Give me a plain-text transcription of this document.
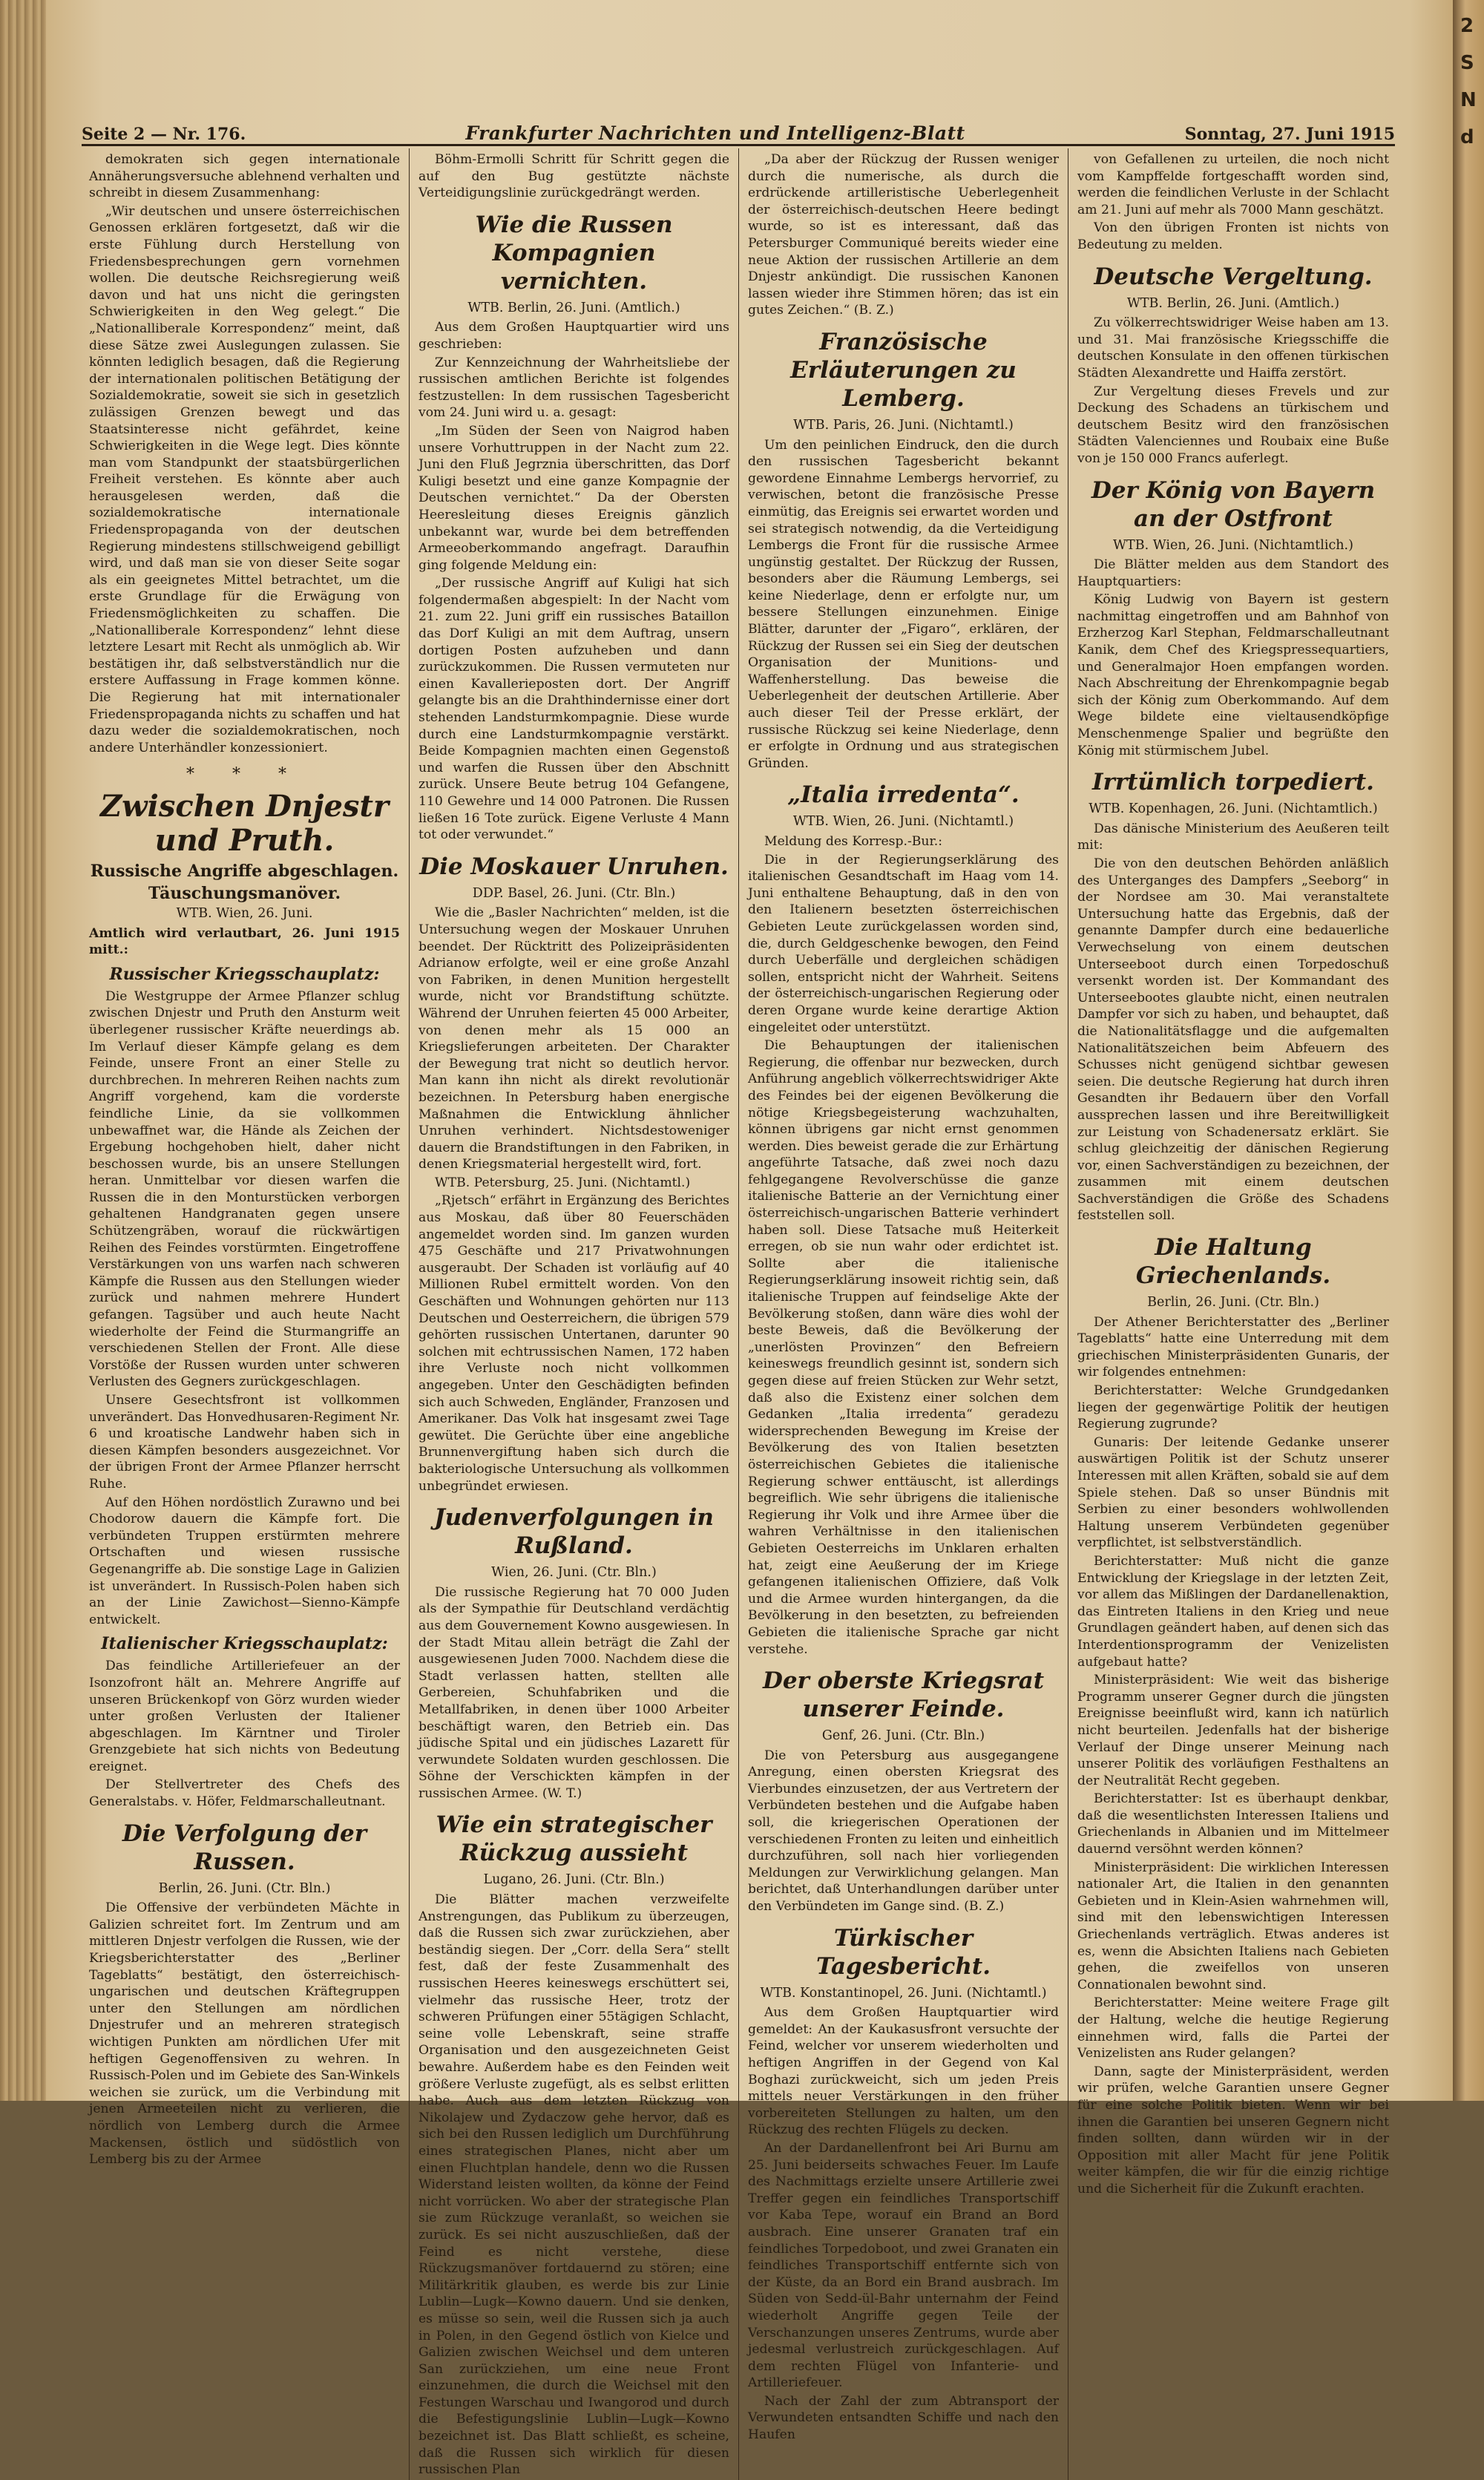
2
S
N
d
Seite 2 — Nr. 176.	Frankfurter Nachrichten und Intelligenz-Blatt	Sonntag, 27. Juni 1915

demokraten sich gegen internationale Annäherungsversuche ablehnend verhalten und schreibt in diesem Zusammenhang:

„Wir deutschen und unsere österreichischen Genossen erklären fortgesetzt, daß wir die erste Fühlung durch Herstellung von Friedensbesprechungen gern vornehmen wollen. Die deutsche Reichsregierung weiß davon und hat uns nicht die geringsten Schwierigkeiten in den Weg gelegt.“ Die „Nationalliberale Korrespondenz“ meint, daß diese Sätze zwei Auslegungen zulassen. Sie könnten lediglich besagen, daß die Regierung der internationalen politischen Betätigung der Sozialdemokratie, soweit sie sich in gesetzlich zulässigen Grenzen bewegt und das Staatsinteresse nicht gefährdet, keine Schwierigkeiten in die Wege legt. Dies könnte man vom Standpunkt der staatsbürgerlichen Freiheit verstehen. Es könnte aber auch herausgelesen werden, daß die sozialdemokratische internationale Friedenspropaganda von der deutschen Regierung mindestens stillschweigend gebilligt wird, und daß man sie von dieser Seite sogar als ein geeignetes Mittel betrachtet, um die erste Grundlage für die Erwägung von Friedensmöglichkeiten zu schaffen. Die „Nationalliberale Korrespondenz“ lehnt diese letztere Lesart mit Recht als unmöglich ab. Wir bestätigen ihr, daß selbstverständlich nur die erstere Auffassung in Frage kommen könne. Die Regierung hat mit internationaler Friedenspropaganda nichts zu schaffen und hat dazu weder die sozialdemokratischen, noch andere Unterhändler konzessioniert.

* * *
Zwischen Dnjestr und Pruth.
Russische Angriffe abgeschlagen.
Täuschungsmanöver.
WTB. Wien, 26. Juni.

Amtlich wird verlautbart, 26. Juni 1915 mitt.:

Russischer Kriegsschauplatz:

Die Westgruppe der Armee Pflanzer schlug zwischen Dnjestr und Pruth den Ansturm weit überlegener russischer Kräfte neuerdings ab. Im Verlauf dieser Kämpfe gelang es dem Feinde, unsere Front an einer Stelle zu durchbrechen. In mehreren Reihen nachts zum Angriff vorgehend, kam die vorderste feindliche Linie, da sie vollkommen unbewaffnet war, die Hände als Zeichen der Ergebung hochgehoben hielt, daher nicht beschossen wurde, bis an unsere Stellungen heran. Unmittelbar vor diesen warfen die Russen die in den Monturstücken verborgen gehaltenen Handgranaten gegen unsere Schützengräben, worauf die rückwärtigen Reihen des Feindes vorstürmten. Eingetroffene Verstärkungen von uns warfen nach schweren Kämpfe die Russen aus den Stellungen wieder zurück und nahmen mehrere Hundert gefangen. Tagsüber und auch heute Nacht wiederholte der Feind die Sturmangriffe an verschiedenen Stellen der Front. Alle diese Vorstöße der Russen wurden unter schweren Verlusten des Gegners zurückgeschlagen.

Unsere Gesechtsfront ist vollkommen unverändert. Das Honvedhusaren-Regiment Nr. 6 und kroatische Landwehr haben sich in diesen Kämpfen besonders ausgezeichnet. Vor der übrigen Front der Armee Pflanzer herrscht Ruhe.

Auf den Höhen nordöstlich Zurawno und bei Chodorow dauern die Kämpfe fort. Die verbündeten Truppen erstürmten mehrere Ortschaften und wiesen russische Gegenangriffe ab. Die sonstige Lage in Galizien ist unverändert. In Russisch-Polen haben sich an der Linie Zawichost—Sienno-Kämpfe entwickelt.

Italienischer Kriegsschauplatz:

Das feindliche Artilleriefeuer an der Isonzofront hält an. Mehrere Angriffe auf unseren Brückenkopf von Görz wurden wieder unter großen Verlusten der Italiener abgeschlagen. Im Kärntner und Tiroler Grenzgebiete hat sich nichts von Bedeutung ereignet.

Der Stellvertreter des Chefs des Generalstabs. v. Höfer, Feldmarschalleutnant.

Die Verfolgung der Russen.
Berlin, 26. Juni. (Ctr. Bln.)

Die Offensive der verbündeten Mächte in Galizien schreitet fort. Im Zentrum und am mittleren Dnjestr verfolgen die Russen, wie der Kriegsberichterstatter des „Berliner Tageblatts“ bestätigt, den österreichisch-ungarischen und deutschen Kräftegruppen unter den Stellungen am nördlichen Dnjestrufer und an mehreren strategisch wichtigen Punkten am nördlichen Ufer mit heftigen Gegenoffensiven zu wehren. In Russisch-Polen und im Gebiete des San-Winkels weichen sie zurück, um die Verbindung mit jenen Armeeteilen nicht zu verlieren, die nördlich von Lemberg durch die Armee Mackensen, östlich und südöstlich von Lemberg bis zu der Armee

Böhm-Ermolli Schritt für Schritt gegen die auf den Bug gestützte nächste Verteidigungslinie zurückgedrängt werden.

Wie die Russen Kompagnien vernichten.
WTB. Berlin, 26. Juni. (Amtlich.)

Aus dem Großen Hauptquartier wird uns geschrieben:

Zur Kennzeichnung der Wahrheitsliebe der russischen amtlichen Berichte ist folgendes festzustellen: In dem russischen Tagesbericht vom 24. Juni wird u. a. gesagt:

„Im Süden der Seen von Naigrod haben unsere Vorhuttruppen in der Nacht zum 22. Juni den Fluß Jegrznia überschritten, das Dorf Kuligi besetzt und eine ganze Kompagnie der Deutschen vernichtet.“ Da der Obersten Heeresleitung dieses Ereignis gänzlich unbekannt war, wurde bei dem betreffenden Armeeoberkommando angefragt. Daraufhin ging folgende Meldung ein:

„Der russische Angriff auf Kuligi hat sich folgendermaßen abgespielt: In der Nacht vom 21. zum 22. Juni griff ein russisches Bataillon das Dorf Kuligi an mit dem Auftrag, unsern dortigen Posten aufzuheben und dann zurückzukommen. Die Russen vermuteten nur einen Kavallerieposten dort. Der Angriff gelangte bis an die Drahthindernisse einer dort stehenden Landsturmkompagnie. Diese wurde durch eine Landsturmkompagnie verstärkt. Beide Kompagnien machten einen Gegenstoß und warfen die Russen über den Abschnitt zurück. Unsere Beute betrug 104 Gefangene, 110 Gewehre und 14 000 Patronen. Die Russen ließen 16 Tote zurück. Eigene Verluste 4 Mann tot oder verwundet.“

Die Moskauer Unruhen.
DDP. Basel, 26. Juni. (Ctr. Bln.)

Wie die „Basler Nachrichten“ melden, ist die Untersuchung wegen der Moskauer Unruhen beendet. Der Rücktritt des Polizeipräsidenten Adrianow erfolgte, weil er eine große Anzahl von Fabriken, in denen Munition hergestellt wurde, nicht vor Brandstiftung schützte. Während der Unruhen feierten 45 000 Arbeiter, von denen mehr als 15 000 an Kriegslieferungen arbeiteten. Der Charakter der Bewegung trat nicht so deutlich hervor. Man kann ihn nicht als direkt revolutionär bezeichnen. In Petersburg haben energische Maßnahmen die Entwicklung ähnlicher Unruhen verhindert. Nichtsdestoweniger dauern die Brandstiftungen in den Fabriken, in denen Kriegsmaterial hergestellt wird, fort.

WTB. Petersburg, 25. Juni. (Nichtamtl.)

„Rjetsch“ erfährt in Ergänzung des Berichtes aus Moskau, daß über 80 Feuerschäden angemeldet worden sind. Im ganzen wurden 475 Geschäfte und 217 Privatwohnungen ausgeraubt. Der Schaden ist vorläufig auf 40 Millionen Rubel ermittelt worden. Von den Geschäften und Wohnungen gehörten nur 113 Deutschen und Oesterreichern, die übrigen 579 gehörten russischen Untertanen, darunter 90 solchen mit echtrussischen Namen, 172 haben ihre Verluste noch nicht vollkommen angegeben. Unter den Geschädigten befinden sich auch Schweden, Engländer, Franzosen und Amerikaner. Das Volk hat insgesamt zwei Tage gewütet. Die Gerüchte über eine angebliche Brunnenvergiftung haben sich durch die bakteriologische Untersuchung als vollkommen unbegründet erwiesen.

Judenverfolgungen in Rußland.
Wien, 26. Juni. (Ctr. Bln.)

Die russische Regierung hat 70 000 Juden als der Sympathie für Deutschland verdächtig aus dem Gouvernement Kowno ausgewiesen. In der Stadt Mitau allein beträgt die Zahl der ausgewiesenen Juden 7000. Nachdem diese die Stadt verlassen hatten, stellten alle Gerbereien, Schuhfabriken und die Metallfabriken, in denen über 1000 Arbeiter beschäftigt waren, den Betrieb ein. Das jüdische Spital und ein jüdisches Lazarett für verwundete Soldaten wurden geschlossen. Die Söhne der Verschickten kämpfen in der russischen Armee. (W. T.)

Wie ein strategischer Rückzug aussieht
Lugano, 26. Juni. (Ctr. Bln.)

Die Blätter machen verzweifelte Anstrengungen, das Publikum zu überzeugen, daß die Russen sich zwar zurückziehen, aber beständig siegen. Der „Corr. della Sera“ stellt fest, daß der feste Zusammenhalt des russischen Heeres keineswegs erschüttert sei, vielmehr das russische Heer, trotz der schweren Prüfungen einer 55tägigen Schlacht, seine volle Lebenskraft, seine straffe Organisation und den ausgezeichneten Geist bewahre. Außerdem habe es den Feinden weit größere Verluste zugefügt, als es selbst erlitten habe. Auch aus dem letzten Rückzug von Nikolajew und Zydaczow gehe hervor, daß es sich bei den Russen lediglich um Durchführung eines strategischen Planes, nicht aber um einen Fluchtplan handele, denn wo die Russen Widerstand leisten wollten, da könne der Feind nicht vorrücken. Wo aber der strategische Plan sie zum Rückzuge veranlaßt, so weichen sie zurück. Es sei nicht auszuschließen, daß der Feind es nicht verstehe, diese Rückzugsmanöver fortdauernd zu stören; eine Militärkritik glauben, es werde bis zur Linie Lublin—Lugk—Kowno dauern. Und sie denken, es müsse so sein, weil die Russen sich ja auch in Polen, in den Gegend östlich von Kielce und Galizien zwischen Weichsel und dem unteren San zurückziehen, um eine neue Front einzunehmen, die durch die Weichsel mit den Festungen Warschau und Iwangorod und durch die Befestigungslinie Lublin—Lugk—Kowno bezeichnet ist. Das Blatt schließt, es scheine, daß die Russen sich wirklich für diesen russischen Plan

„Da aber der Rückzug der Russen weniger durch die numerische, als durch die erdrückende artilleristische Ueberlegenheit der österreichisch-deutschen Heere bedingt wurde, so ist es interessant, daß das Petersburger Communiqué bereits wieder eine neue Aktion der russischen Artillerie an dem Dnjestr ankündigt. Die russischen Kanonen lassen wieder ihre Stimmen hören; das ist ein gutes Zeichen.“ (B. Z.)

Französische Erläuterungen zu Lemberg.
WTB. Paris, 26. Juni. (Nichtamtl.)

Um den peinlichen Eindruck, den die durch den russischen Tagesbericht bekannt gewordene Einnahme Lembergs hervorrief, zu verwischen, betont die französische Presse einmütig, das Ereignis sei erwartet worden und sei strategisch notwendig, da die Verteidigung Lembergs die Front für die russische Armee ungünstig gestaltet. Der Rückzug der Russen, besonders aber die Räumung Lembergs, sei keine Niederlage, denn er erfolgte nur, um bessere Stellungen einzunehmen. Einige Blätter, darunter der „Figaro“, erklären, der Rückzug der Russen sei ein Sieg der deutschen Organisation der Munitions- und Waffenherstellung. Das beweise die Ueberlegenheit der deutschen Artillerie. Aber auch dieser Teil der Presse erklärt, der russische Rückzug sei keine Niederlage, denn er erfolgte in Ordnung und aus strategischen Gründen.

„Italia irredenta“.
WTB. Wien, 26. Juni. (Nichtamtl.)

Meldung des Korresp.-Bur.:

Die in der Regierungserklärung des italienischen Gesandtschaft im Haag vom 14. Juni enthaltene Behauptung, daß in den von den Italienern besetzten österreichischen Gebieten Leute zurückgelassen worden sind, die, durch Geldgeschenke bewogen, den Feind durch Ueberfälle und dergleichen schädigen sollen, entspricht nicht der Wahrheit. Seitens der österreichisch-ungarischen Regierung oder deren Organe wurde keine derartige Aktion eingeleitet oder unterstützt.

Die Behauptungen der italienischen Regierung, die offenbar nur bezwecken, durch Anführung angeblich völkerrechtswidriger Akte des Feindes bei der eigenen Bevölkerung die nötige Kriegsbegeisterung wachzuhalten, können übrigens gar nicht ernst genommen werden. Dies beweist gerade die zur Erhärtung angeführte Tatsache, daß zwei noch dazu fehlgegangene Revolverschüsse die ganze italienische Batterie an der Vernichtung einer österreichisch-ungarischen Batterie verhindert haben soll. Diese Tatsache muß Heiterkeit erregen, ob sie nun wahr oder erdichtet ist. Sollte aber die italienische Regierungserklärung insoweit richtig sein, daß italienische Truppen auf feindselige Akte der Bevölkerung stoßen, dann wäre dies wohl der beste Beweis, daß die Bevölkerung der „unerlösten Provinzen“ den Befreiern keineswegs freundlich gesinnt ist, sondern sich gegen diese auf freien Stücken zur Wehr setzt, daß also die Existenz einer solchen dem Gedanken „Italia irredenta“ geradezu widersprechenden Bewegung im Kreise der Bevölkerung des von Italien besetzten österreichischen Gebietes die italienische Regierung schwer enttäuscht, ist allerdings begreiflich. Wie sehr übrigens die italienische Regierung ihr Volk und ihre Armee über die wahren Verhältnisse in den italienischen Gebieten Oesterreichs im Unklaren erhalten hat, zeigt eine Aeußerung der im Kriege gefangenen italienischen Offiziere, daß Volk und die Armee wurden hintergangen, da die Bevölkerung in den besetzten, zu befreienden Gebieten die italienische Sprache gar nicht verstehe.

Der oberste Kriegsrat unserer Feinde.
Genf, 26. Juni. (Ctr. Bln.)

Die von Petersburg aus ausgegangene Anregung, einen obersten Kriegsrat des Vierbundes einzusetzen, der aus Vertretern der Verbündeten bestehen und die Aufgabe haben soll, die kriegerischen Operationen der verschiedenen Fronten zu leiten und einheitlich durchzuführen, soll nach hier vorliegenden Meldungen zur Verwirklichung gelangen. Man berichtet, daß Unterhandlungen darüber unter den Verbündeten im Gange sind. (B. Z.)

Türkischer Tagesbericht.
WTB. Konstantinopel, 26. Juni. (Nichtamtl.)

Aus dem Großen Hauptquartier wird gemeldet: An der Kaukasusfront versuchte der Feind, welcher vor unserem wiederholten und heftigen Angriffen in der Gegend von Kal Boghazi zurückweicht, sich um jeden Preis mittels neuer Verstärkungen in den früher vorbereiteten Stellungen zu halten, um den Rückzug des rechten Flügels zu decken.

An der Dardanellenfront bei Ari Burnu am 25. Juni beiderseits schwaches Feuer. Im Laufe des Nachmittags erzielte unsere Artillerie zwei Treffer gegen ein feindliches Transportschiff vor Kaba Tepe, worauf ein Brand an Bord ausbrach. Eine unserer Granaten traf ein feindliches Torpedoboot, und zwei Granaten ein feindliches Transportschiff entfernte sich von der Küste, da an Bord ein Brand ausbrach. Im Süden von Sedd-ül-Bahr unternahm der Feind wiederholt Angriffe gegen Teile der Verschanzungen unseres Zentrums, wurde aber jedesmal verlustreich zurückgeschlagen. Auf dem rechten Flügel von Infanterie- und Artilleriefeuer.

Nach der Zahl der zum Abtransport der Verwundeten entsandten Schiffe und nach den Haufen

von Gefallenen zu urteilen, die noch nicht vom Kampffelde fortgeschafft worden sind, werden die feindlichen Verluste in der Schlacht am 21. Juni auf mehr als 7000 Mann geschätzt.

Von den übrigen Fronten ist nichts von Bedeutung zu melden.

Deutsche Vergeltung.
WTB. Berlin, 26. Juni. (Amtlich.)

Zu völkerrechtswidriger Weise haben am 13. und 31. Mai französische Kriegsschiffe die deutschen Konsulate in den offenen türkischen Städten Alexandrette und Haiffa zerstört.

Zur Vergeltung dieses Frevels und zur Deckung des Schadens an türkischem und deutschem Besitz wird den französischen Städten Valenciennes und Roubaix eine Buße von je 150 000 Francs auferlegt.

Der König von Bayern an der Ostfront
WTB. Wien, 26. Juni. (Nichtamtlich.)

Die Blätter melden aus dem Standort des Hauptquartiers:

König Ludwig von Bayern ist gestern nachmittag eingetroffen und am Bahnhof von Erzherzog Karl Stephan, Feldmarschalleutnant Kanik, dem Chef des Kriegspressequartiers, und Generalmajor Hoen empfangen worden. Nach Abschreitung der Ehrenkompagnie begab sich der König zum Oberkommando. Auf dem Wege bildete eine vieltausendköpfige Menschenmenge Spalier und begrüßte den König mit stürmischem Jubel.

Irrtümlich torpediert.
WTB. Kopenhagen, 26. Juni. (Nichtamtlich.)

Das dänische Ministerium des Aeußeren teilt mit:

Die von den deutschen Behörden anläßlich des Unterganges des Dampfers „Seeborg“ in der Nordsee am 30. Mai veranstaltete Untersuchung hatte das Ergebnis, daß der genannte Dampfer durch eine bedauerliche Verwechselung von einem deutschen Unterseeboot durch einen Torpedoschuß versenkt worden ist. Der Kommandant des Unterseebootes glaubte nicht, einen neutralen Dampfer vor sich zu haben, und behauptet, daß die Nationalitätsflagge und die aufgemalten Nationalitätszeichen beim Abfeuern des Schusses nicht genügend sichtbar gewesen seien. Die deutsche Regierung hat durch ihren Gesandten ihr Bedauern über den Vorfall aussprechen lassen und ihre Bereitwilligkeit zur Leistung von Schadenersatz erklärt. Sie schlug gleichzeitig der dänischen Regierung vor, einen Sachverständigen zu bezeichnen, der zusammen mit einem deutschen Sachverständigen die Größe des Schadens feststellen soll.

Die Haltung Griechenlands.
Berlin, 26. Juni. (Ctr. Bln.)

Der Athener Berichterstatter des „Berliner Tageblatts“ hatte eine Unterredung mit dem griechischen Ministerpräsidenten Gunaris, der wir folgendes entnehmen:

Berichterstatter: Welche Grundgedanken liegen der gegenwärtige Politik der heutigen Regierung zugrunde?

Gunaris: Der leitende Gedanke unserer auswärtigen Politik ist der Schutz unserer Interessen mit allen Kräften, sobald sie auf dem Spiele stehen. Daß so unser Bündnis mit Serbien zu einer besonders wohlwollenden Haltung unserem Verbündeten gegenüber verpflichtet, ist selbstverständlich.

Berichterstatter: Muß nicht die ganze Entwicklung der Kriegslage in der letzten Zeit, vor allem das Mißlingen der Dardanellenaktion, das Eintreten Italiens in den Krieg und neue Grundlagen geändert haben, auf denen sich das Interdentionsprogramm der Venizelisten aufgebaut hatte?

Ministerpräsident: Wie weit das bisherige Programm unserer Gegner durch die jüngsten Ereignisse beeinflußt wird, kann ich natürlich nicht beurteilen. Jedenfalls hat der bisherige Verlauf der Dinge unserer Meinung nach unserer Politik des vorläufigen Festhaltens an der Neutralität Recht gegeben.

Berichterstatter: Ist es überhaupt denkbar, daß die wesentlichsten Interessen Italiens und Griechenlands in Albanien und im Mittelmeer dauernd versöhnt werden können?

Ministerpräsident: Die wirklichen Interessen nationaler Art, die Italien in den genannten Gebieten und in Klein-Asien wahrnehmen will, sind mit den lebenswichtigen Interessen Griechenlands verträglich. Etwas anderes ist es, wenn die Absichten Italiens nach Gebieten gehen, die zweifellos von unseren Connationalen bewohnt sind.

Berichterstatter: Meine weitere Frage gilt der Haltung, welche die heutige Regierung einnehmen wird, falls die Partei der Venizelisten ans Ruder gelangen?

Dann, sagte der Ministerpräsident, werden wir prüfen, welche Garantien unsere Gegner für eine solche Politik bieten. Wenn wir bei ihnen die Garantien bei unseren Gegnern nicht finden sollten, dann würden wir in der Opposition mit aller Macht für jene Politik weiter kämpfen, die wir für die einzig richtige und die Sicherheit für die Zukunft erachten.
